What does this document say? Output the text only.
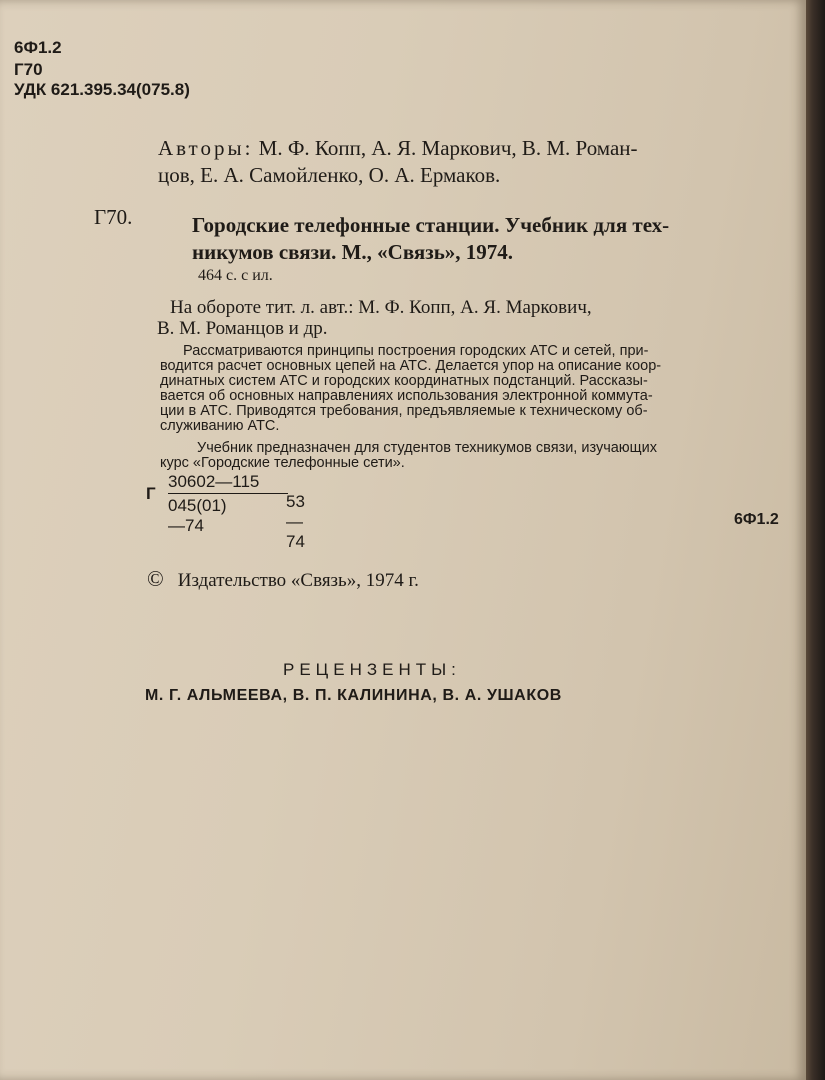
6Ф1.2
Г70
УДК 621.395.34(075.8)
Авторы: М. Ф. Копп, А. Я. Маркович, В. М. Роман-
цов, Е. А. Самойленко, О. А. Ермаков.
Г70.	Городские телефонные станции. Учебник для тех-
никумов связи. М., «Связь», 1974.
464 с. с ил.
На обороте тит. л. авт.: М. Ф. Копп, А. Я. Маркович,
В. М. Романцов и др.
Рассматриваются принципы построения городских АТС и сетей, при-
водится расчет основных цепей на АТС. Делается упор на описание коор-
динатных систем АТС и городских координатных подстанций. Рассказы-
вается об основных направлениях использования электронной коммута-
ции в АТС. Приводятся требования, предъявляемые к техническому об-
служиванию АТС.
Учебник предназначен для студентов техникумов связи, изучающих
курс «Городские телефонные сети».
Г
30602—115
045(01)—74
53—74
6Ф1.2
© Издательство «Связь», 1974 г.
РЕЦЕНЗЕНТЫ:
М. Г. АЛЬМЕЕВА, В. П. КАЛИНИНА, В. А. УШАКОВ
